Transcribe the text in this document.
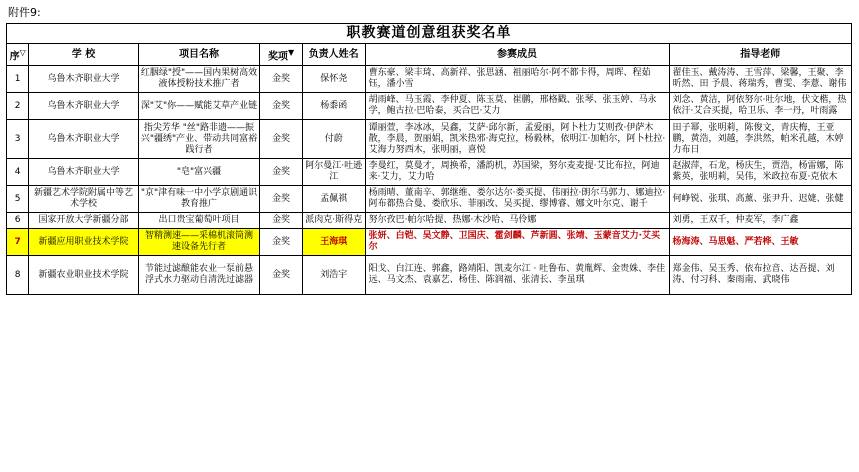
附件9:
职教赛道创意组获奖名单						
序▽	学 校	项目名称	奖项▼	负责人姓名	参赛成员	指导老师
1	乌鲁木齐职业大学	红胭绿"授"——国内果树高效液体授粉技术推广者	金奖	保怀尧	曹东豪、梁丰琦、高新祥、张思涵、祖丽哈尔·阿不都卡得，周晖、程茹钰，潘小雪	翟佳玉、戴涛涛、王雪萍、梁馨，王聚、李昕然、田 予晨、蒋瑞秀，曹雯、李薏、谢伟
2	乌鲁木齐职业大学	深"艾"你——赋能艾草产业链	金奖	杨黍函	胡雨峰、马玉霞、李仲夏、陈玉莫、崔鹏，邢格戳、张琴、张玉婷、马永学，鲍古拉·巴哈泰，买合巴·艾力	刘念、黄洁，阿依努尔·吐尔地，伏文楷，热依汗·艾合买提，哈卫乐、李一丹，叶雨露
3	乌鲁木齐职业大学	指尖芳华 "丝"路非遗——振兴"疆绣"产业、带动共同富裕践行者	金奖	付蔚	谭丽萱，李冰冰，吴鑫，艾萨·邱尔新，孟爱丽，阿卜杜力艾则孜·伊萨木散，李晨，贺丽娟，凯米热邪·海克拉，杨毅林，依明江·加帕尔，阿卜杜拉·艾海力努西木，张明丽，喜悦	田子幂，张明莉，陈俊文，青庆梅，王亚鹏，黄浩，刘越，李洪然，帕米孔越，木婷力布日
4	乌鲁木齐职业大学	"皂"富兴疆	金奖	阿尔曼江·吐逊江	李曼红，莫曼才，周换希，潘韵机，苏国梁，努尔麦麦提·艾比布拉，阿迪来·艾力，艾力哈	赵淑萍，石龙，杨庆生，贾浩，杨雷娜，陈紫英，张明莉，吴伟，米政拉布夏·克依木
5	新疆艺术学院附属中等艺术学校	"京"津有味一中小学京剧通识教育推广	金奖	孟佩祺	杨雨晴、董南辛、郭继维、娄尔达尔·娄买提、伟丽拉·朗尔马郭力、娜迪拉·阿布都热合曼、娄欣乐、菲丽改、吴买提、缪博睿、娜文叶尔克、谢千	何峥锐、张琪、高薰、张尹升、迟婕、张健
6	国家开放大学新疆分部	出口贵宝葡萄叶项目	金奖	派肉克·斯得克	努尔孜巴·帕尔哈提、热娜·木沙哈、马伶娜	刘勇，王双千，仲麦军，李广鑫
7	新疆应用职业技术学院	智精测速——采棉机滚筒测速设备先行者	金奖	王海琪	张妍、白铠、吴文静、卫国庆、霍剑麟、芦新圆、张靖、玉蒙音艾力·艾买尔	杨海涛、马思魁、严若桦、王敏
8	新疆农业职业技术学院	节能过滤酿能农业一泵前悬浮式水力驱动自清洗过滤器	金奖	刘浩宇	阳戈、白江连、郭鑫，路靖阳、凯麦尔江 · 吐鲁布、黄胤辉、金贵姝、李佳远、马文杰、袁嘉艺、杨佳、陈润福、张清长、李虽琪	郑金伟、吴玉秀、依布拉音、达吾提、刘涛、付习科、秦雨南、武晓伟
